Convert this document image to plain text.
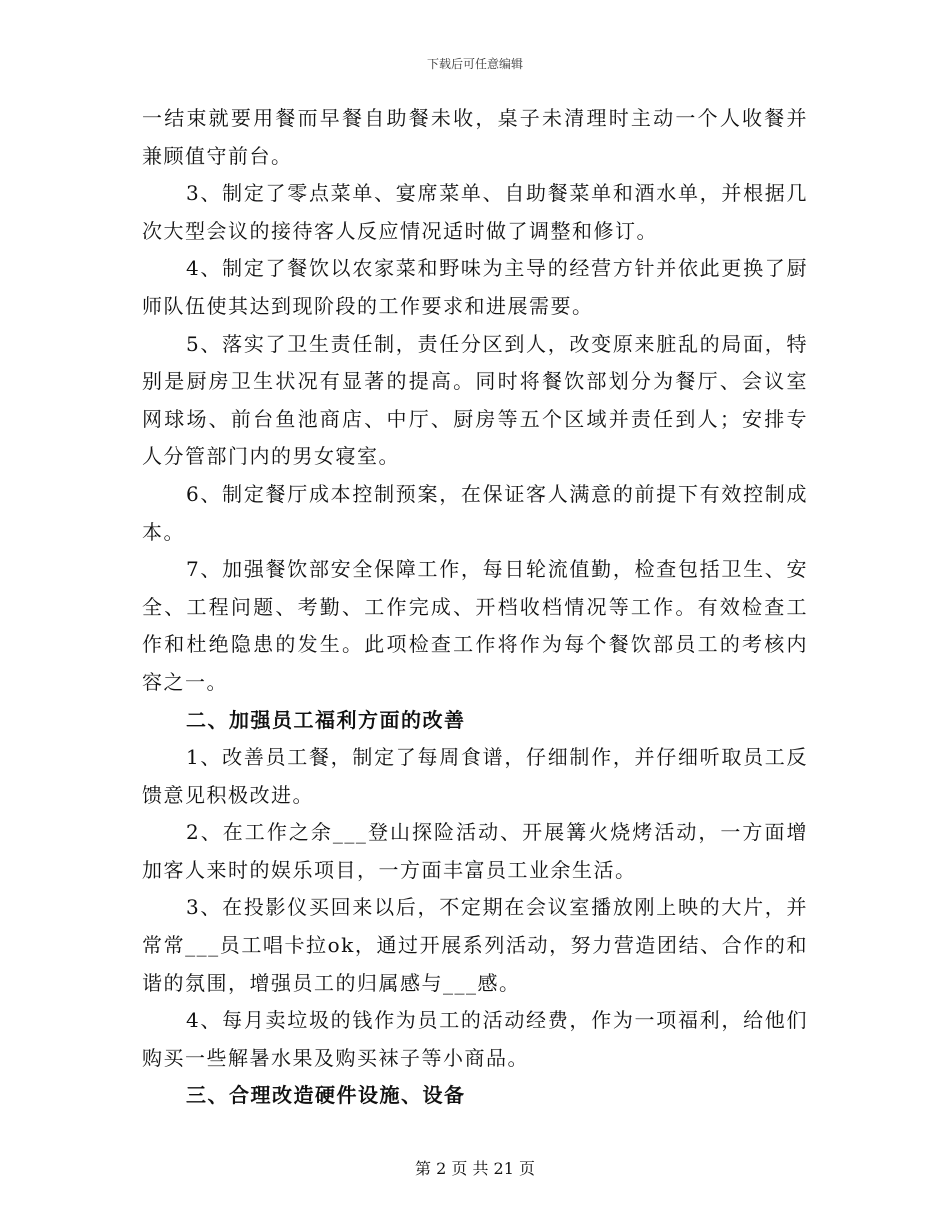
下载后可任意编辑

一结束就要用餐而早餐自助餐未收，桌子未清理时主动一个人收餐并兼顾值守前台。

3、制定了零点菜单、宴席菜单、自助餐菜单和酒水单，并根据几次大型会议的接待客人反应情况适时做了调整和修订。

4、制定了餐饮以农家菜和野味为主导的经营方针并依此更换了厨师队伍使其达到现阶段的工作要求和进展需要。

5、落实了卫生责任制，责任分区到人，改变原来脏乱的局面，特别是厨房卫生状况有显著的提高。同时将餐饮部划分为餐厅、会议室网球场、前台鱼池商店、中厅、厨房等五个区域并责任到人；安排专人分管部门内的男女寝室。

6、制定餐厅成本控制预案，在保证客人满意的前提下有效控制成本。

7、加强餐饮部安全保障工作，每日轮流值勤，检查包括卫生、安全、工程问题、考勤、工作完成、开档收档情况等工作。有效检查工作和杜绝隐患的发生。此项检查工作将作为每个餐饮部员工的考核内容之一。

二、加强员工福利方面的改善

1、改善员工餐，制定了每周食谱，仔细制作，并仔细听取员工反馈意见积极改进。

2、在工作之余___登山探险活动、开展篝火烧烤活动，一方面增加客人来时的娱乐项目，一方面丰富员工业余生活。

3、在投影仪买回来以后，不定期在会议室播放刚上映的大片，并常常___员工唱卡拉ok，通过开展系列活动，努力营造团结、合作的和谐的氛围，增强员工的归属感与___感。

4、每月卖垃圾的钱作为员工的活动经费，作为一项福利，给他们购买一些解暑水果及购买袜子等小商品。

三、合理改造硬件设施、设备

第 2 页 共 21 页
